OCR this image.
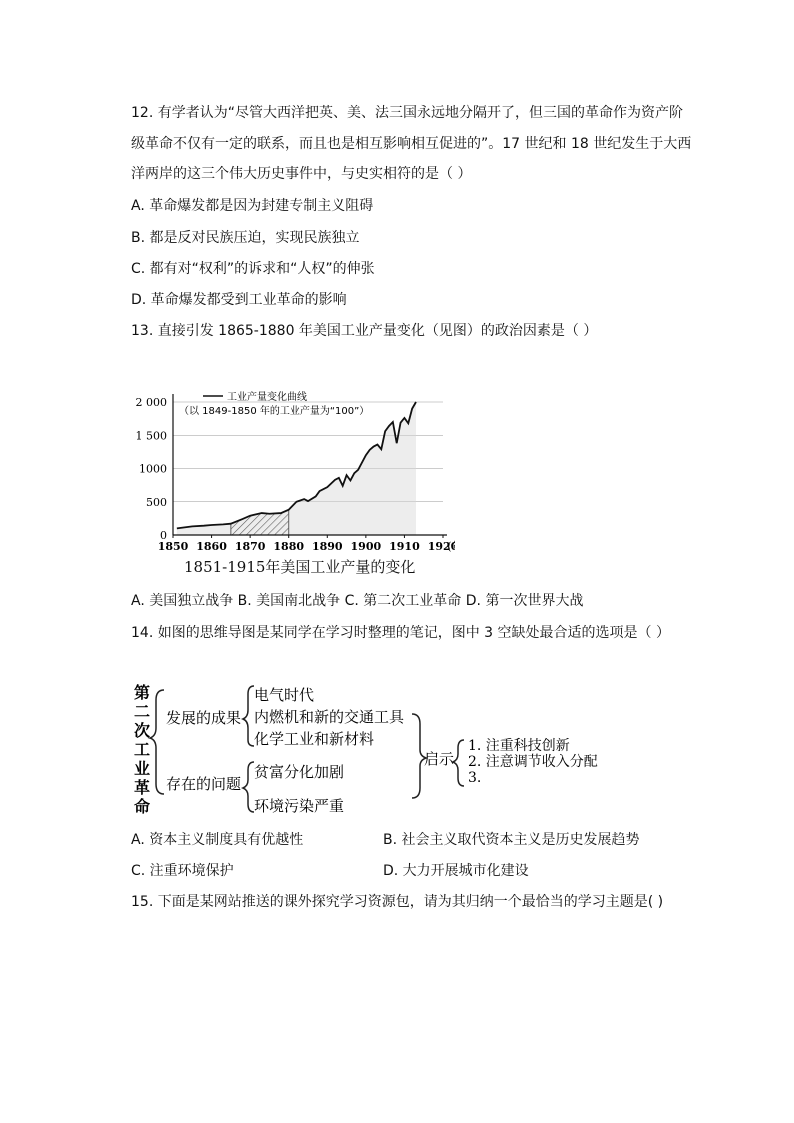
12. 有学者认为“尽管大西洋把英、美、法三国永远地分隔开了，但三国的革命作为资产阶
级革命不仅有一定的联系，而且也是相互影响相互促进的”。17 世纪和 18 世纪发生于大西
洋两岸的这三个伟大历史事件中，与史实相符的是（ ）
A. 革命爆发都是因为封建专制主义阻碍
B. 都是反对民族压迫，实现民族独立
C. 都有对“权利”的诉求和“人权”的伸张
D. 革命爆发都受到工业革命的影响
13. 直接引发 1865-1880 年美国工业产量变化（见图）的政治因素是（ ）
0
500
1000
1 500
2 000
1850 1860 1870 1880 1890 1900 1910 1920
(
工业产量变化曲线
（以 1849-1850 年的工业产量为“100”）
1851-1915年美国工业产量的变化
A. 美国独立战争 B. 美国南北战争 C. 第二次工业革命 D. 第一次世界大战
14. 如图的思维导图是某同学在学习时整理的笔记，图中 3 空缺处最合适的选项是（ ）
第二次工业革命
发展的成果
存在的问题
电气时代
内燃机和新的交通工具
化学工业和新材料
贫富分化加剧
环境污染严重
启示
1. 注重科技创新
2. 注意调节收入分配
3.
A. 资本主义制度具有优越性	B. 社会主义取代资本主义是历史发展趋势
C. 注重环境保护	D. 大力开展城市化建设
15. 下面是某网站推送的课外探究学习资源包，请为其归纳一个最恰当的学习主题是( )
